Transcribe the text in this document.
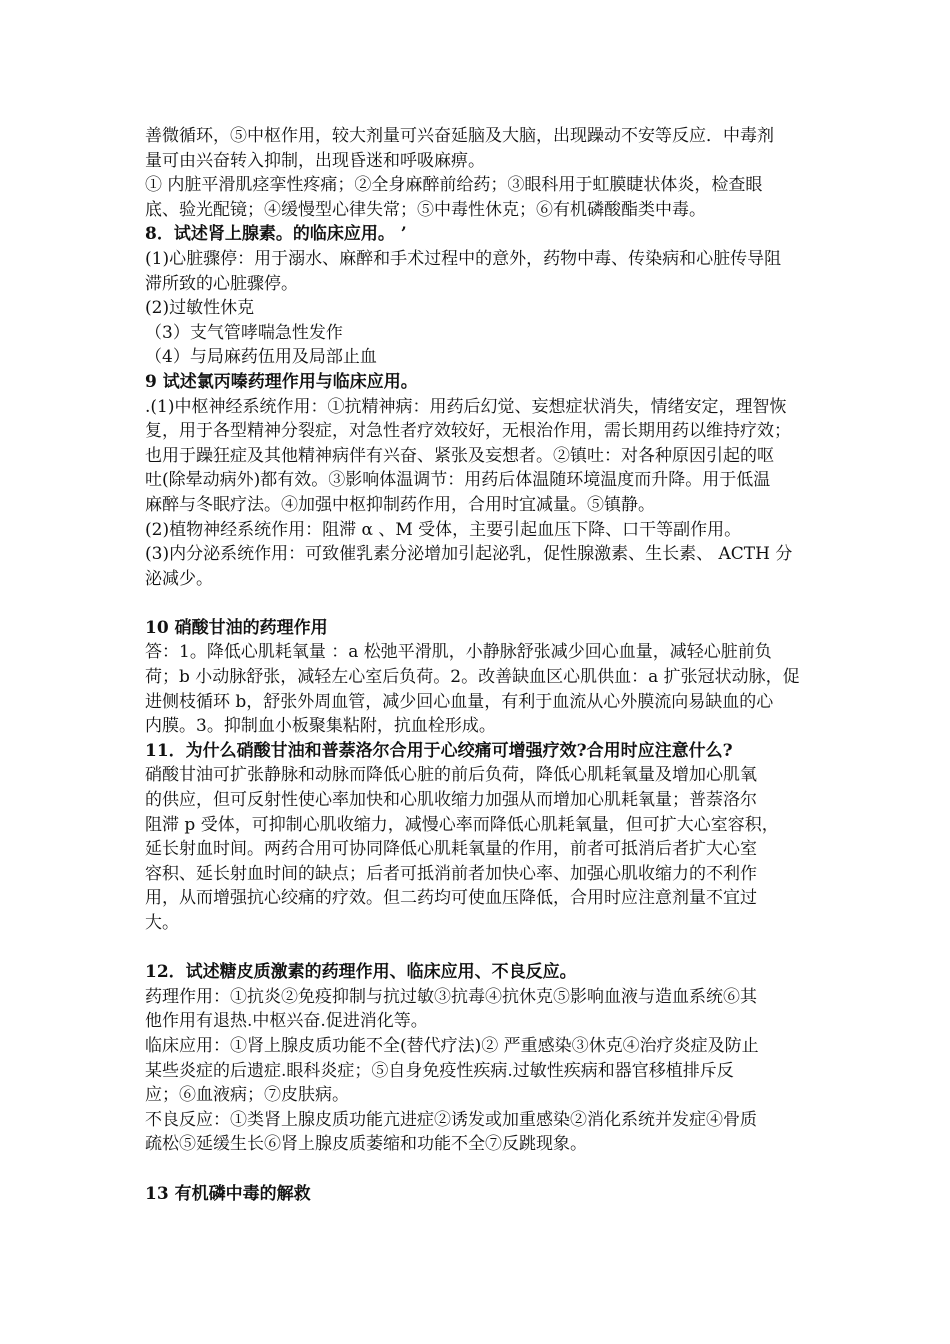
善微循环，⑤中枢作用，较大剂量可兴奋延脑及大脑，出现躁动不安等反应．中毒剂
量可由兴奋转入抑制，出现昏迷和呼吸麻痹。
① 内脏平滑肌痉挛性疼痛；②全身麻醉前给药；③眼科用于虹膜睫状体炎，检查眼
底、验光配镜；④缓慢型心律失常；⑤中毒性休克；⑥有机磷酸酯类中毒。
8．试述肾上腺素。的临床应用。 ’
(1)心脏骤停：用于溺水、麻醉和手术过程中的意外，药物中毒、传染病和心脏传导阻
滞所致的心脏骤停。
(2)过敏性休克
（3）支气管哮喘急性发作
（4）与局麻药伍用及局部止血
9 试述氯丙嗪药理作用与临床应用。
.(1)中枢神经系统作用：①抗精神病：用药后幻觉、妄想症状消失，情绪安定，理智恢
复，用于各型精神分裂症，对急性者疗效较好，无根治作用，需长期用药以维持疗效；
也用于躁狂症及其他精神病伴有兴奋、紧张及妄想者。②镇吐：对各种原因引起的呕
吐(除晕动病外)都有效。③影响体温调节：用药后体温随环境温度而升降。用于低温
麻醉与冬眠疗法。④加强中枢抑制药作用，合用时宜减量。⑤镇静。
(2)植物神经系统作用：阻滞 α 、M 受体，主要引起血压下降、口干等副作用。
(3)内分泌系统作用：可致催乳素分泌增加引起泌乳，促性腺激素、生长素、 ACTH 分
泌减少。
10 硝酸甘油的药理作用
答：1。降低心肌耗氧量 ：a 松弛平滑肌，小静脉舒张减少回心血量，减轻心脏前负
荷；b 小动脉舒张，减轻左心室后负荷。2。改善缺血区心肌供血：a 扩张冠状动脉，促
进侧枝循环 b，舒张外周血管，减少回心血量，有利于血流从心外膜流向易缺血的心
内膜。3。抑制血小板聚集粘附，抗血栓形成。
11．为什么硝酸甘油和普萘洛尔合用于心绞痛可增强疗效?合用时应注意什么?
硝酸甘油可扩张静脉和动脉而降低心脏的前后负荷，降低心肌耗氧量及增加心肌氧
的供应，但可反射性使心率加快和心肌收缩力加强从而增加心肌耗氧量；普萘洛尔
阻滞 p 受体，可抑制心肌收缩力，减慢心率而降低心肌耗氧量，但可扩大心室容积，
延长射血时间。两药合用可协同降低心肌耗氧量的作用，前者可抵消后者扩大心室
容积、延长射血时间的缺点；后者可抵消前者加快心率、加强心肌收缩力的不利作
用，从而增强抗心绞痛的疗效。但二药均可使血压降低，合用时应注意剂量不宜过
大。
12．试述糖皮质激素的药理作用、临床应用、不良反应。
药理作用：①抗炎②免疫抑制与抗过敏③抗毒④抗休克⑤影响血液与造血系统⑥其
他作用有退热.中枢兴奋.促进消化等。
临床应用：①肾上腺皮质功能不全(替代疗法)② 严重感染③休克④治疗炎症及防止
某些炎症的后遗症.眼科炎症；⑤自身免疫性疾病.过敏性疾病和器官移植排斥反
应；⑥血液病；⑦皮肤病。
不良反应：①类肾上腺皮质功能亢进症②诱发或加重感染②消化系统并发症④骨质
疏松⑤延缓生长⑥肾上腺皮质萎缩和功能不全⑦反跳现象。
13 有机磷中毒的解救
